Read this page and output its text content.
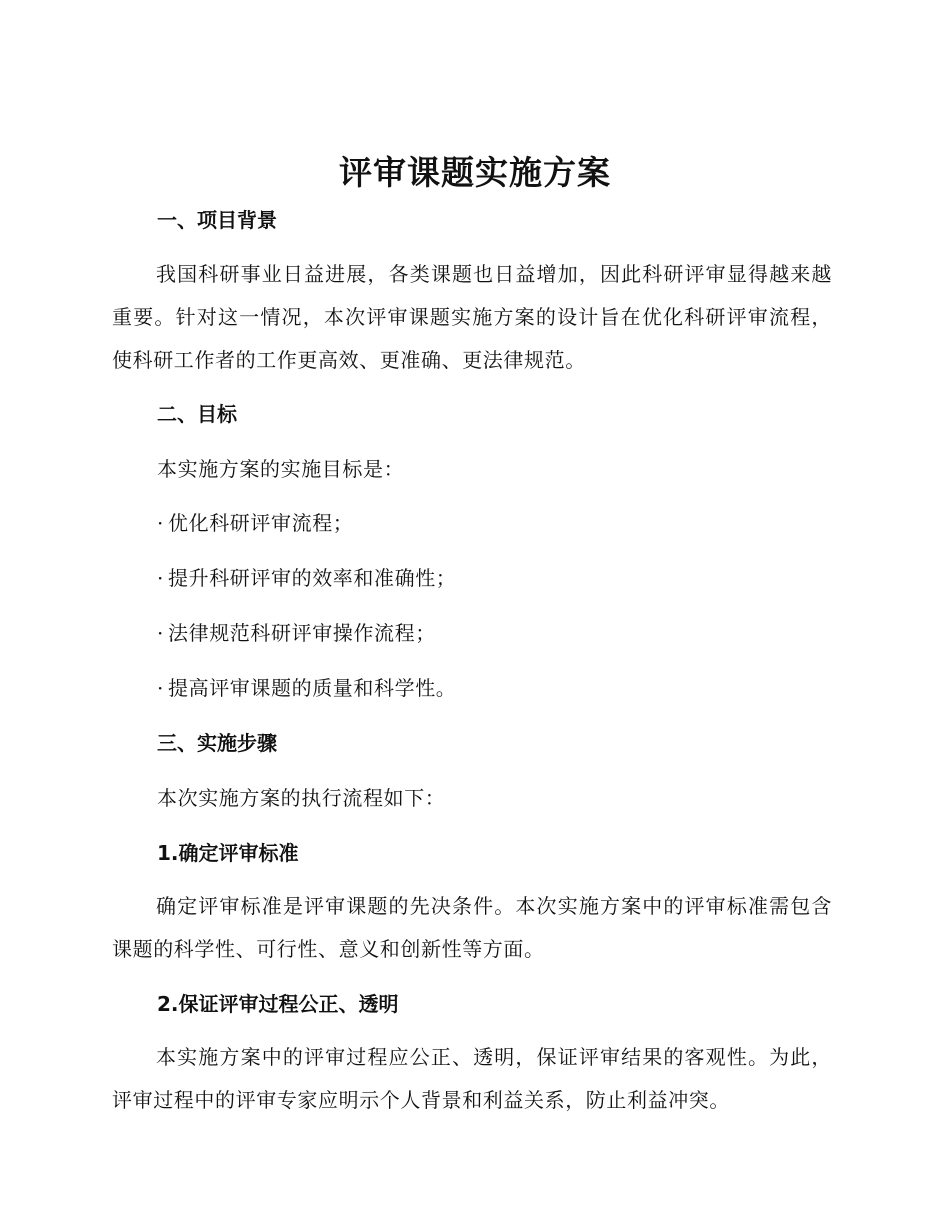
评审课题实施方案
一、项目背景

我国科研事业日益进展，各类课题也日益增加，因此科研评审显得越来越重要。针对这一情况，本次评审课题实施方案的设计旨在优化科研评审流程，使科研工作者的工作更高效、更准确、更法律规范。

二、目标
本实施方案的实施目标是：
· 优化科研评审流程；
· 提升科研评审的效率和准确性；
· 法律规范科研评审操作流程；
· 提高评审课题的质量和科学性。
三、实施步骤
本次实施方案的执行流程如下：
1.确定评审标准

确定评审标准是评审课题的先决条件。本次实施方案中的评审标准需包含课题的科学性、可行性、意义和创新性等方面。

2.保证评审过程公正、透明

本实施方案中的评审过程应公正、透明，保证评审结果的客观性。为此，评审过程中的评审专家应明示个人背景和利益关系，防止利益冲突。
